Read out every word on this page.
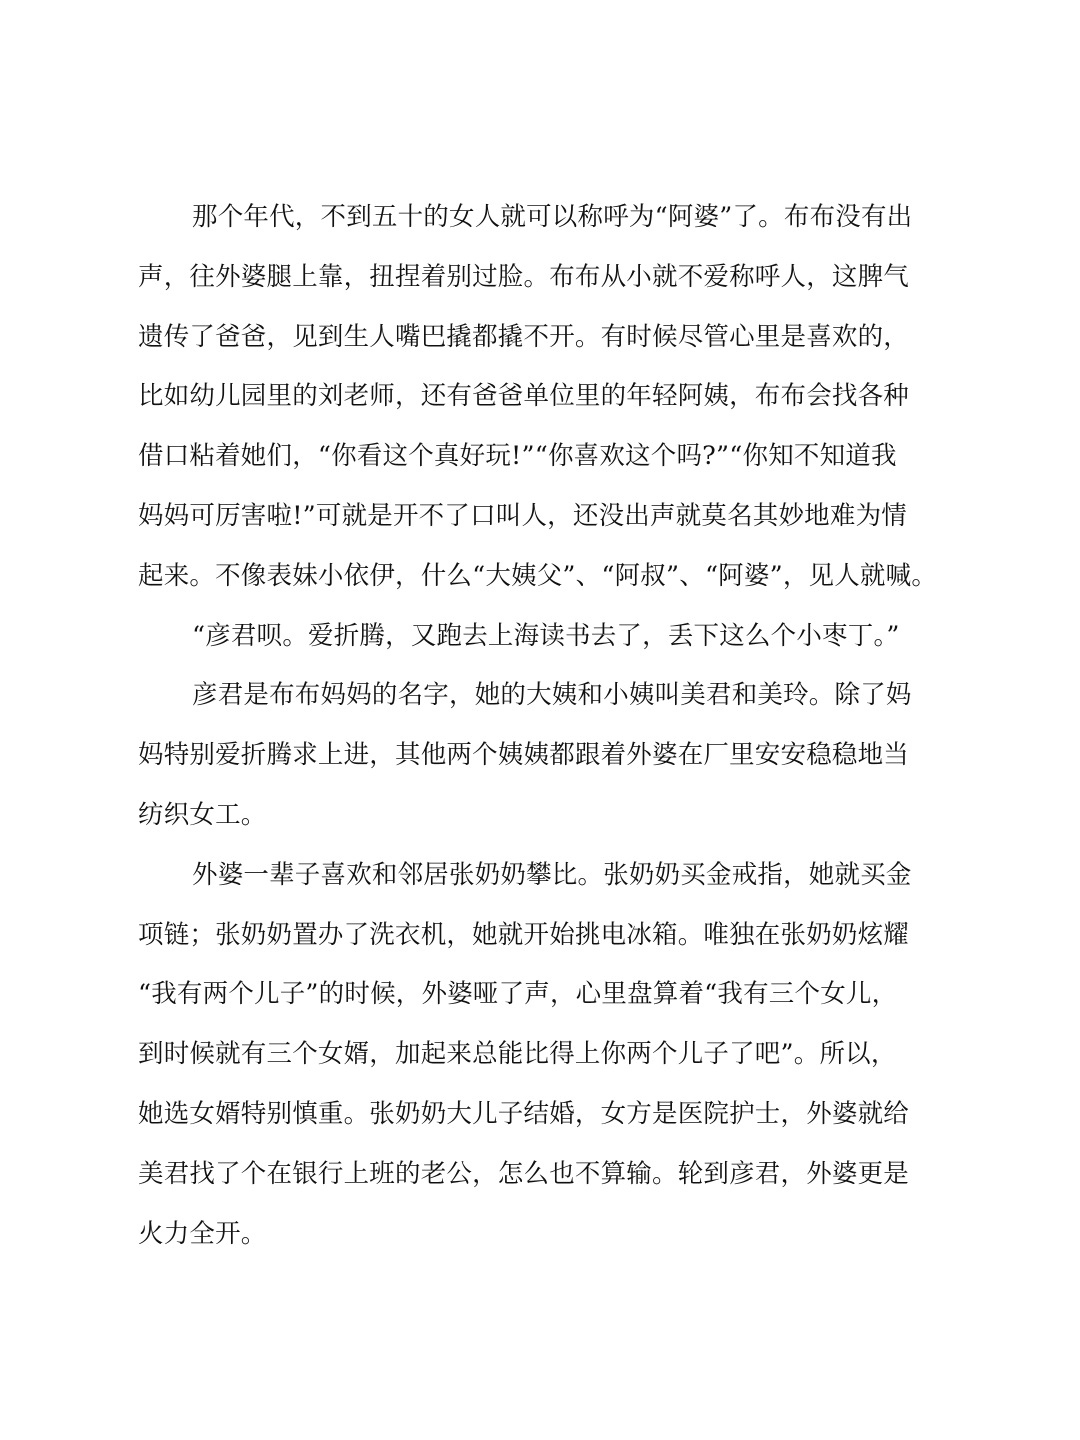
那个年代，不到五十的女人就可以称呼为“阿婆”了。布布没有出
声，往外婆腿上靠，扭捏着别过脸。布布从小就不爱称呼人，这脾气
遗传了爸爸，见到生人嘴巴撬都撬不开。有时候尽管心里是喜欢的，
比如幼儿园里的刘老师，还有爸爸单位里的年轻阿姨，布布会找各种
借口粘着她们，“你看这个真好玩!”“你喜欢这个吗?”“你知不知道我
妈妈可厉害啦!”可就是开不了口叫人，还没出声就莫名其妙地难为情
起来。不像表妹小依伊，什么“大姨父”、“阿叔”、“阿婆”，见人就喊。
“彦君呗。爱折腾，又跑去上海读书去了，丢下这么个小枣丁。”
彦君是布布妈妈的名字，她的大姨和小姨叫美君和美玲。除了妈
妈特别爱折腾求上进，其他两个姨姨都跟着外婆在厂里安安稳稳地当
纺织女工。
外婆一辈子喜欢和邻居张奶奶攀比。张奶奶买金戒指，她就买金
项链；张奶奶置办了洗衣机，她就开始挑电冰箱。唯独在张奶奶炫耀
“我有两个儿子”的时候，外婆哑了声，心里盘算着“我有三个女儿，
到时候就有三个女婿，加起来总能比得上你两个儿子了吧”。所以，
她选女婿特别慎重。张奶奶大儿子结婚，女方是医院护士，外婆就给
美君找了个在银行上班的老公，怎么也不算输。轮到彦君，外婆更是
火力全开。
